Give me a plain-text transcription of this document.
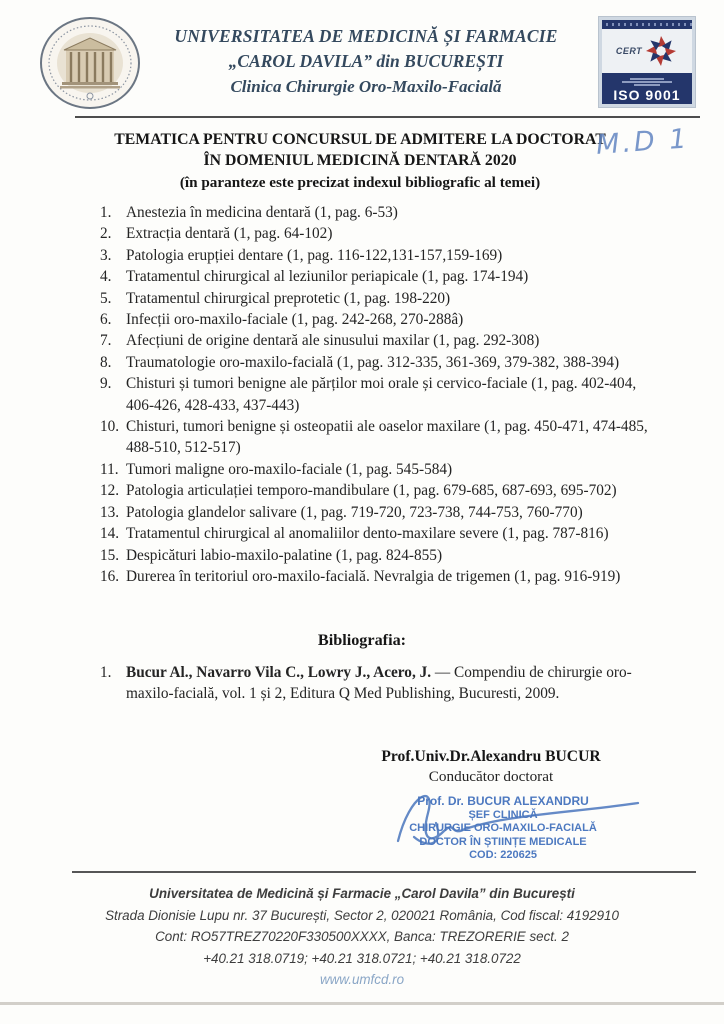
UNIVERSITATEA DE MEDICINĂ ȘI FARMACIE
„CAROL DAVILA” din BUCUREȘTI
Clinica Chirurgie Oro-Maxilo-Facială
CERT
ISO 9001
TEMATICA PENTRU CONCURSUL DE ADMITERE LA DOCTORAT
ÎN DOMENIUL MEDICINĂ DENTARĂ 2020
(în paranteze este precizat indexul bibliografic al temei)
M.D 1
1. Anestezia în medicina dentară (1, pag. 6-53)
2. Extracția dentară (1, pag. 64-102)
3. Patologia erupției dentare (1, pag. 116-122,131-157,159-169)
4. Tratamentul chirurgical al leziunilor periapicale (1, pag. 174-194)
5. Tratamentul chirurgical preprotetic (1, pag. 198-220)
6. Infecții oro-maxilo-faciale (1, pag. 242-268, 270-288â)
7. Afecțiuni de origine dentară ale sinusului maxilar (1, pag. 292-308)
8. Traumatologie oro-maxilo-facială (1, pag. 312-335, 361-369, 379-382, 388-394)
9. Chisturi și tumori benigne ale părților moi orale și cervico-faciale (1, pag. 402-404, 406-426, 428-433, 437-443)
10. Chisturi, tumori benigne și osteopatii ale oaselor maxilare (1, pag. 450-471, 474-485, 488-510, 512-517)
11. Tumori maligne oro-maxilo-faciale (1, pag. 545-584)
12. Patologia articulației temporo-mandibulare (1, pag. 679-685, 687-693, 695-702)
13. Patologia glandelor salivare (1, pag. 719-720, 723-738, 744-753, 760-770)
14. Tratamentul chirurgical al anomaliilor dento-maxilare severe (1, pag. 787-816)
15. Despicături labio-maxilo-palatine (1, pag. 824-855)
16. Durerea în teritoriul oro-maxilo-facială. Nevralgia de trigemen (1, pag. 916-919)
Bibliografia:
1. Bucur Al., Navarro Vila C., Lowry J., Acero, J. — Compendiu de chirurgie oro-maxilo-facială, vol. 1 și 2, Editura Q Med Publishing, Bucuresti, 2009.
Prof.Univ.Dr.Alexandru BUCUR
Conducător doctorat
Prof. Dr. BUCUR ALEXANDRU
ȘEF CLINICĂ
CHIRURGIE ORO-MAXILO-FACIALĂ
DOCTOR ÎN ȘTIINȚE MEDICALE
COD: 220625
Universitatea de Medicină și Farmacie „Carol Davila” din București
Strada Dionisie Lupu nr. 37 București, Sector 2, 020021 România, Cod fiscal: 4192910
Cont: RO57TREZ70220F330500XXXX, Banca: TREZORERIE sect. 2
+40.21 318.0719; +40.21 318.0721; +40.21 318.0722
www.umfcd.ro
